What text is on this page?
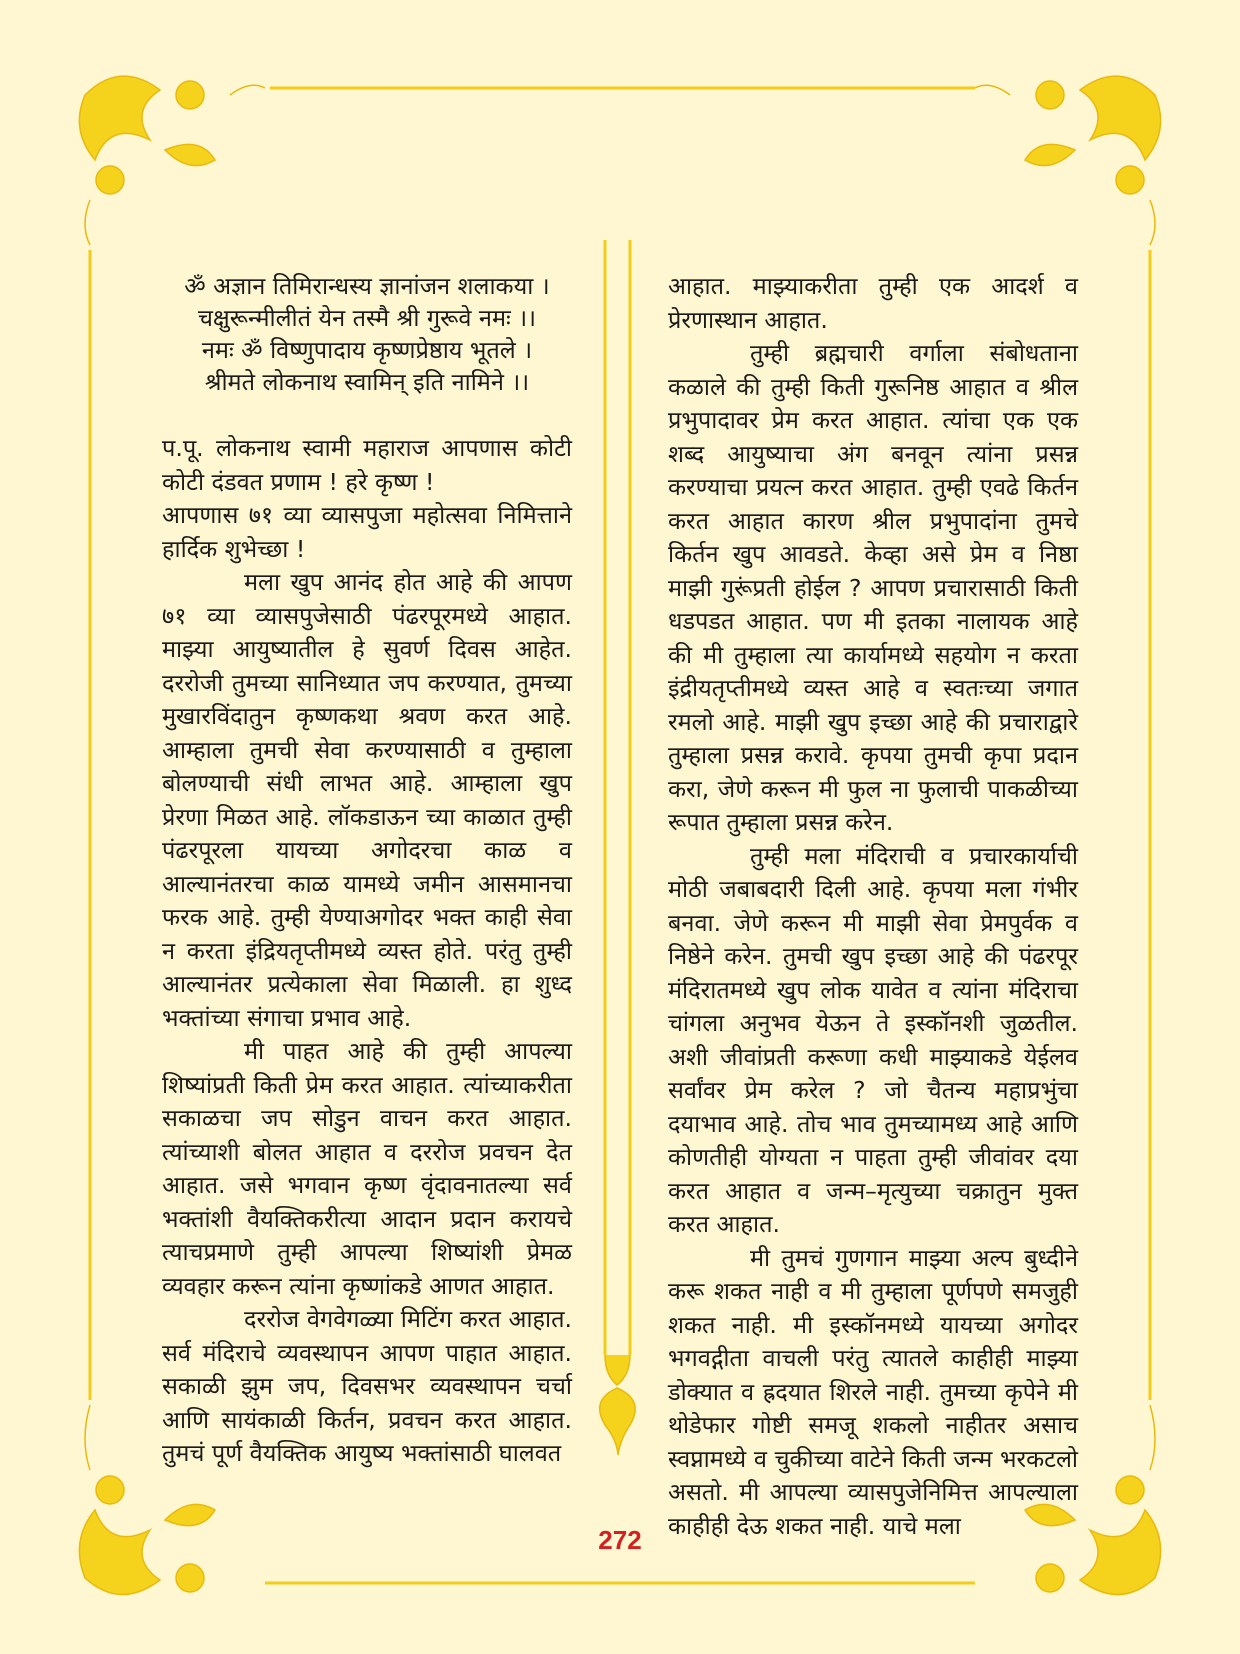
ॐ अज्ञान तिमिरान्धस्य ज्ञानांजन शलाकया ।
चक्षुरून्मीलीतं येन तस्मै श्री गुरूवे नमः ।।
नमः ॐ विष्णुपादाय कृष्णप्रेष्ठाय भूतले ।
श्रीमते लोकनाथ स्वामिन् इति नामिने ।।

प.पू. लोकनाथ स्वामी महाराज आपणास कोटी कोटी दंडवत प्रणाम ! हरे कृष्ण !

आपणास ७१ व्या व्यासपुजा महोत्सवा निमित्ताने हार्दिक शुभेच्छा !

मला खुप आनंद होत आहे की आपण ७१ व्या व्यासपुजेसाठी पंढरपूरमध्ये आहात. माझ्या आयुष्यातील हे सुवर्ण दिवस आहेत. दररोजी तुमच्या सानिध्यात जप करण्यात, तुमच्या मुखारविंदातुन कृष्णकथा श्रवण करत आहे. आम्हाला तुमची सेवा करण्यासाठी व तुम्हाला बोलण्याची संधी लाभत आहे. आम्हाला खुप प्रेरणा मिळत आहे. लॉकडाऊन च्या काळात तुम्ही पंढरपूरला यायच्या अगोदरचा काळ व आल्यानंतरचा काळ यामध्ये जमीन आसमानचा फरक आहे. तुम्ही येण्याअगोदर भक्त काही सेवा न करता इंद्रियतृप्तीमध्ये व्यस्त होते. परंतु तुम्ही आल्यानंतर प्रत्येकाला सेवा मिळाली. हा शुध्द भक्तांच्या संगाचा प्रभाव आहे.

मी पाहत आहे की तुम्ही आपल्या शिष्यांप्रती किती प्रेम करत आहात. त्यांच्याकरीता सकाळचा जप सोडुन वाचन करत आहात. त्यांच्याशी बोलत आहात व दररोज प्रवचन देत आहात. जसे भगवान कृष्ण वृंदावनातल्या सर्व भक्तांशी वैयक्तिकरीत्या आदान प्रदान करायचे त्याचप्रमाणे तुम्ही आपल्या शिष्यांशी प्रेमळ व्यवहार करून त्यांना कृष्णांकडे आणत आहात.

दररोज वेगवेगळ्या मिटिंग करत आहात. सर्व मंदिराचे व्यवस्थापन आपण पाहात आहात. सकाळी झुम जप, दिवसभर व्यवस्थापन चर्चा आणि सायंकाळी किर्तन, प्रवचन करत आहात. तुमचं पूर्ण वैयक्तिक आयुष्य भक्तांसाठी घालवत

आहात. माझ्याकरीता तुम्ही एक आदर्श व प्रेरणास्थान आहात.

तुम्ही ब्रह्मचारी वर्गाला संबोधताना कळाले की तुम्ही किती गुरूनिष्ठ आहात व श्रील प्रभुपादावर प्रेम करत आहात. त्यांचा एक एक शब्द आयुष्याचा अंग बनवून त्यांना प्रसन्न करण्याचा प्रयत्न करत आहात. तुम्ही एवढे किर्तन करत आहात कारण श्रील प्रभुपादांना तुमचे किर्तन खुप आवडते. केव्हा असे प्रेम व निष्ठा माझी गुरूंप्रती होईल ? आपण प्रचारासाठी किती धडपडत आहात. पण मी इतका नालायक आहे की मी तुम्हाला त्या कार्यामध्ये सहयोग न करता इंद्रीयतृप्तीमध्ये व्यस्त आहे व स्वतःच्या जगात रमलो आहे. माझी खुप इच्छा आहे की प्रचाराद्वारे तुम्हाला प्रसन्न करावे. कृपया तुमची कृपा प्रदान करा, जेणे करून मी फुल ना फुलाची पाकळीच्या रूपात तुम्हाला प्रसन्न करेन.

तुम्ही मला मंदिराची व प्रचारकार्याची मोठी जबाबदारी दिली आहे. कृपया मला गंभीर बनवा. जेणे करून मी माझी सेवा प्रेमपुर्वक व निष्ठेने करेन. तुमची खुप इच्छा आहे की पंढरपूर मंदिरातमध्ये खुप लोक यावेत व त्यांना मंदिराचा चांगला अनुभव येऊन ते इस्कॉनशी जुळतील. अशी जीवांप्रती करूणा कधी माझ्याकडे येईलव सर्वांवर प्रेम करेल ? जो चैतन्य महाप्रभुंचा दयाभाव आहे. तोच भाव तुमच्यामध्य आहे आणि कोणतीही योग्यता न पाहता तुम्ही जीवांवर दया करत आहात व जन्म–मृत्युच्या चक्रातुन मुक्त करत आहात.

मी तुमचं गुणगान माझ्या अल्प बुध्दीने करू शकत नाही व मी तुम्हाला पूर्णपणे समजुही शकत नाही. मी इस्कॉनमध्ये यायच्या अगोदर भगवद्गीता वाचली परंतु त्यातले काहीही माझ्या डोक्यात व ह्रदयात शिरले नाही. तुमच्या कृपेने मी थोडेफार गोष्टी समजू शकलो नाहीतर असाच स्वप्नामध्ये व चुकीच्या वाटेने किती जन्म भरकटलो असतो. मी आपल्या व्यासपुजेनिमित्त आपल्याला काहीही देऊ शकत नाही. याचे मला

272
